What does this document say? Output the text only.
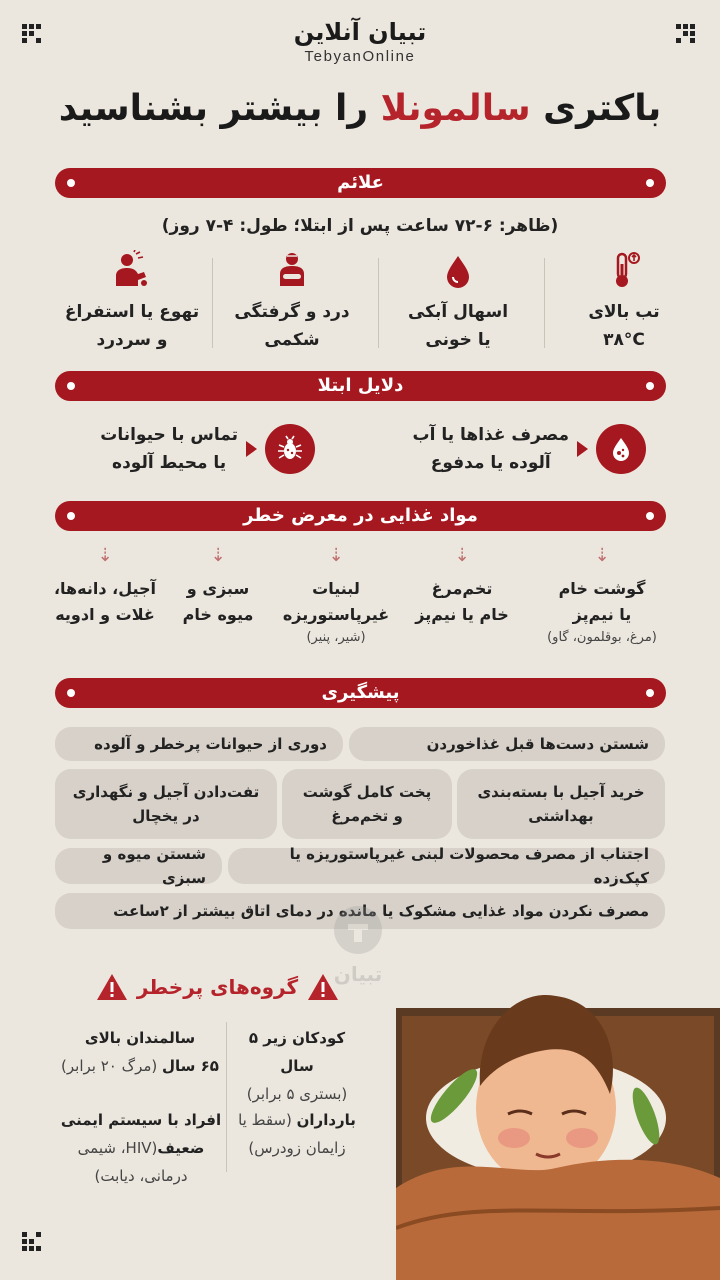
تبیان آنلاین
TebyanOnline
باکتری سالمونلا را بیشتر بشناسید
علائم
(ظاهر: ۶-۷۲ ساعت پس از ابتلا؛ طول: ۴-۷ روز)
تب بالای
۳۸°C
اسهال آبکی
یا خونی
درد و گرفتگی
شکمی
تهوع یا استفراغ
و سردرد
دلایل ابتلا
مصرف غذاها یا آب
آلوده یا مدفوع
تماس با حیوانات
یا محیط آلوده
مواد غذایی در معرض خطر
⇣
گوشت خام
یا نیم‌پز
(مرغ، بوقلمون، گاو)
⇣
تخم‌مرغ
خام یا نیم‌پز
⇣
لبنیات
غیرپاستوریزه
(شیر، پنیر)
⇣
سبزی و
میوه خام
⇣
آجیل، دانه‌ها،
غلات و ادویه
پیشگیری
شستن دست‌ها قبل غذاخوردن
دوری از حیوانات پرخطر و آلوده
خرید آجیل با بسته‌بندی
بهداشتی
پخت کامل گوشت
و تخم‌مرغ
تفت‌دادن آجیل و نگهداری
در یخچال
اجتناب از مصرف محصولات لبنی غیرپاستوریزه یا کپک‌زده
شستن میوه و سبزی
مصرف نکردن مواد غذایی مشکوک یا مانده در دمای اتاق بیشتر از ۲ساعت
تبیان
گروه‌های پرخطر
کودکان زیر ۵ سال
(بستری ۵ برابر)
سالمندان بالای
۶۵ سال (مرگ ۲۰ برابر)
بارداران (سقط یا
زایمان زودرس)
افراد با سیستم ایمنی
ضعیف(HIV، شیمی
درمانی، دیابت)
